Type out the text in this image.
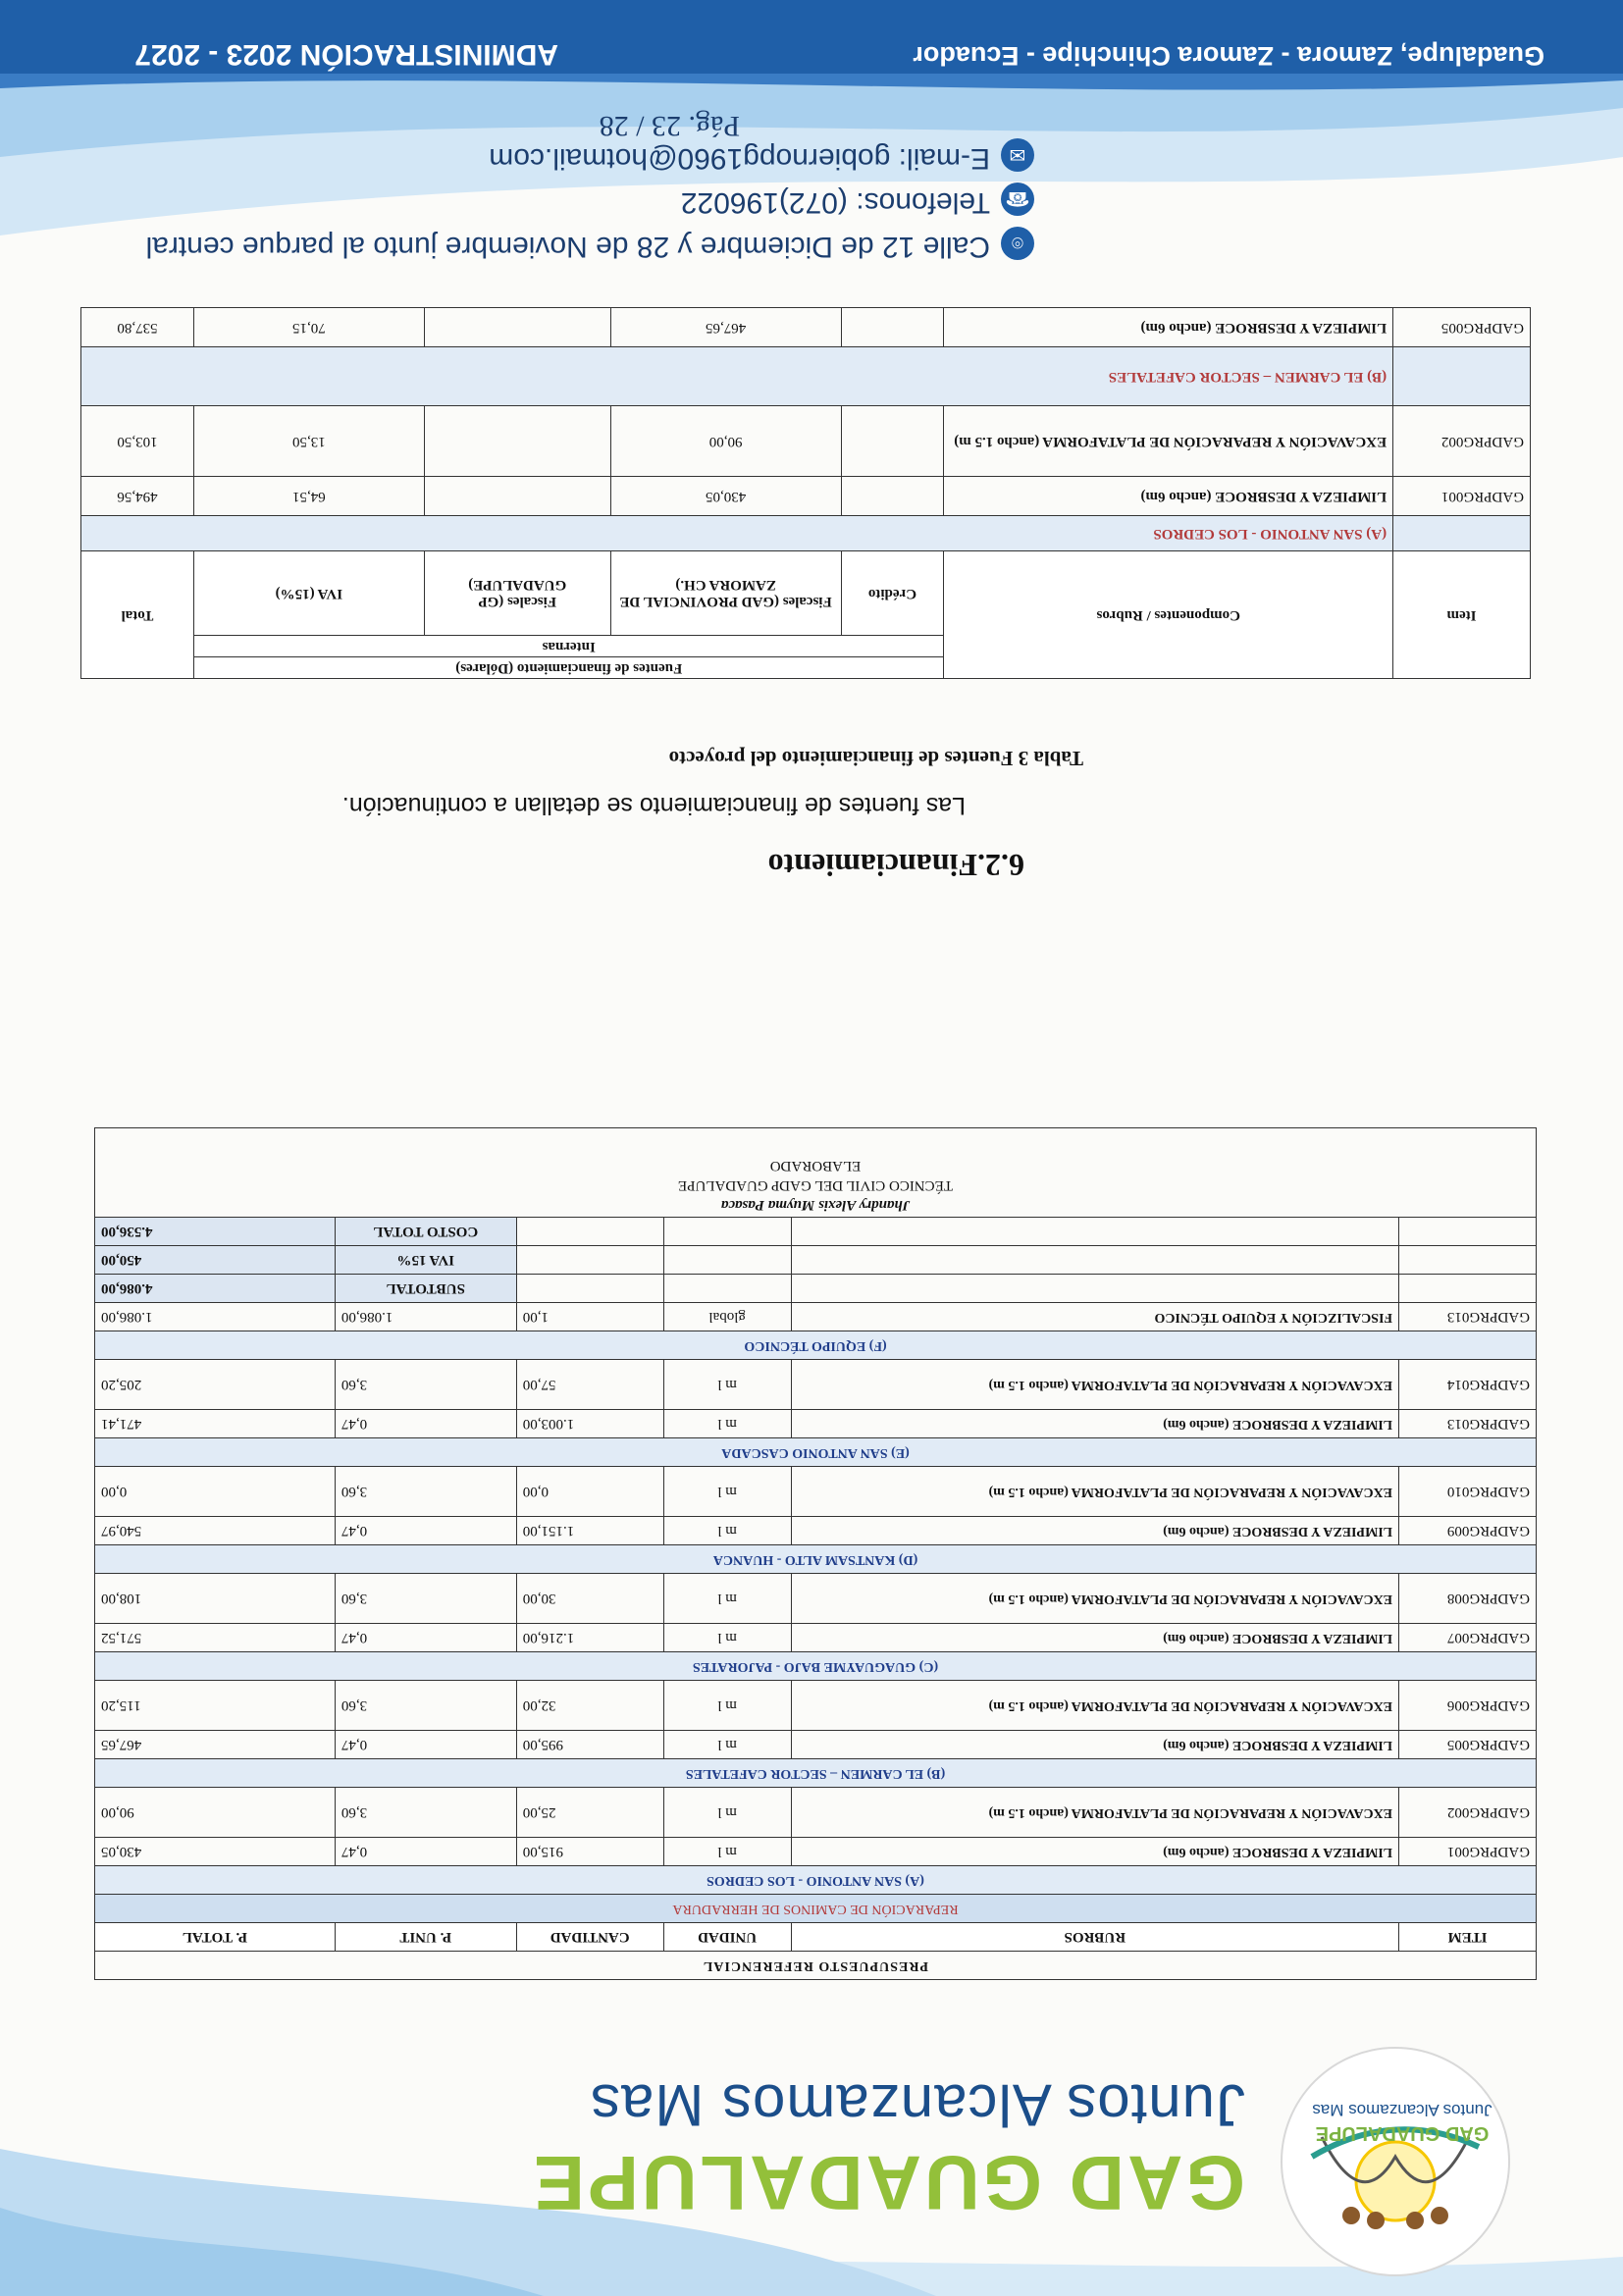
GAD GUADALUPE
Juntos Alcanzamos Mas
GAD GUADALUPE
Juntos Alcanzamos Mas
PRESUPUESTO REFERENCIAL					
ITEM	RUBROS	UNIDAD	CANTIDAD	P. UNIT	P. TOTAL
REPARACIÓN DE CAMINOS DE HERRADURA					
(A) SAN ANTONIO - LOS CEDROS					
GADPRG001	LIMPIEZA Y DESBROCE (ancho 6m)	m l	915,00	0,47	430,05
GADPRG002	EXCAVACIÓN Y REPARACIÓN DE PLATAFORMA (ancho 1.5 m)	m l	25,00	3,60	90,00
(B) EL CARMEN – SECTOR CAFETALES					
GADPRG005	LIMPIEZA Y DESBROCE (ancho 6m)	m l	995,00	0,47	467,65
GADPRG006	EXCAVACIÓN Y REPARACIÓN DE PLATAFORMA (ancho 1.5 m)	m l	32,00	3,60	115,20
(C) GUAGUAYME BAJO - PAJORATES					
GADPRG007	LIMPIEZA Y DESBROCE (ancho 6m)	m l	1.216,00	0,47	571,52
GADPRG008	EXCAVACIÓN Y REPARACIÓN DE PLATAFORMA (ancho 1.5 m)	m l	30,00	3,60	108,00
(D) KANTSAM ALTO - HUANCA					
GADPRG009	LIMPIEZA Y DESBROCE (ancho 6m)	m l	1.151,00	0,47	540,97
GADPRG010	EXCAVACIÓN Y REPARACIÓN DE PLATAFORMA (ancho 1.5 m)	m l	0,00	3,60	0,00
(E) SAN ANTONIO CASCADA					
GADPRG013	LIMPIEZA Y DESBROCE (ancho 6m)	m l	1.003,00	0,47	471,41
GADPRG014	EXCAVACIÓN Y REPARACIÓN DE PLATAFORMA (ancho 1.5 m)	m l	57,00	3,60	205,20
(F) EQUIPO TÉCNICO					
GADPRG013	FISCALIZCIÓN Y EQUIPO TÉCNICO	global	1,00	1.086,00	1.086,00
				SUBTOTAL	4.086,00
				IVA 15%	450,00
				COSTO TOTAL	4.536,00
Jhandry Alexis Muyma Pasaca
TÉCNICO CIVIL DEL GADP GUADALUPE
ELABORADO					
6.2.Financiamiento
Las fuentes de financiamiento se detallan a continuación.
Tabla 3 Fuentes de financiamiento del proyecto
Item	Componentes / Rubros	Fuentes de financiamiento (Dólares)				Total
		Internas				
		Crédito	Fiscales (GAD PROVINCIAL DE ZAMORA CH.)	Fiscales (GP GUADALUPE)	IVA (15%)	
	(A) SAN ANTONIO - LOS CEDROS					
GADPRG001	LIMPIEZA Y DESBROCE (ancho 6m)		430,05		64,51	494,56
GADPRG002	EXCAVACIÓN Y REPARACIÓN DE PLATAFORMA (ancho 1.5 m)		90,00		13,50	103,50
	(B) EL CARMEN – SECTOR CAFETALES					
GADPRG005	LIMPIEZA Y DESBROCE (ancho 6m)		467,65		70,15	537,80
⌾
Calle 12 de Diciembre y 28 de Noviembre junto al parque central
☎
Telefonos: (072)196022
✉
E-mail: gobiernopg1960@hotmail.com
Pág. 23 / 28
Guadalupe, Zamora - Zamora Chinchipe - Ecuador
ADMINISTRACIÓN 2023 - 2027
